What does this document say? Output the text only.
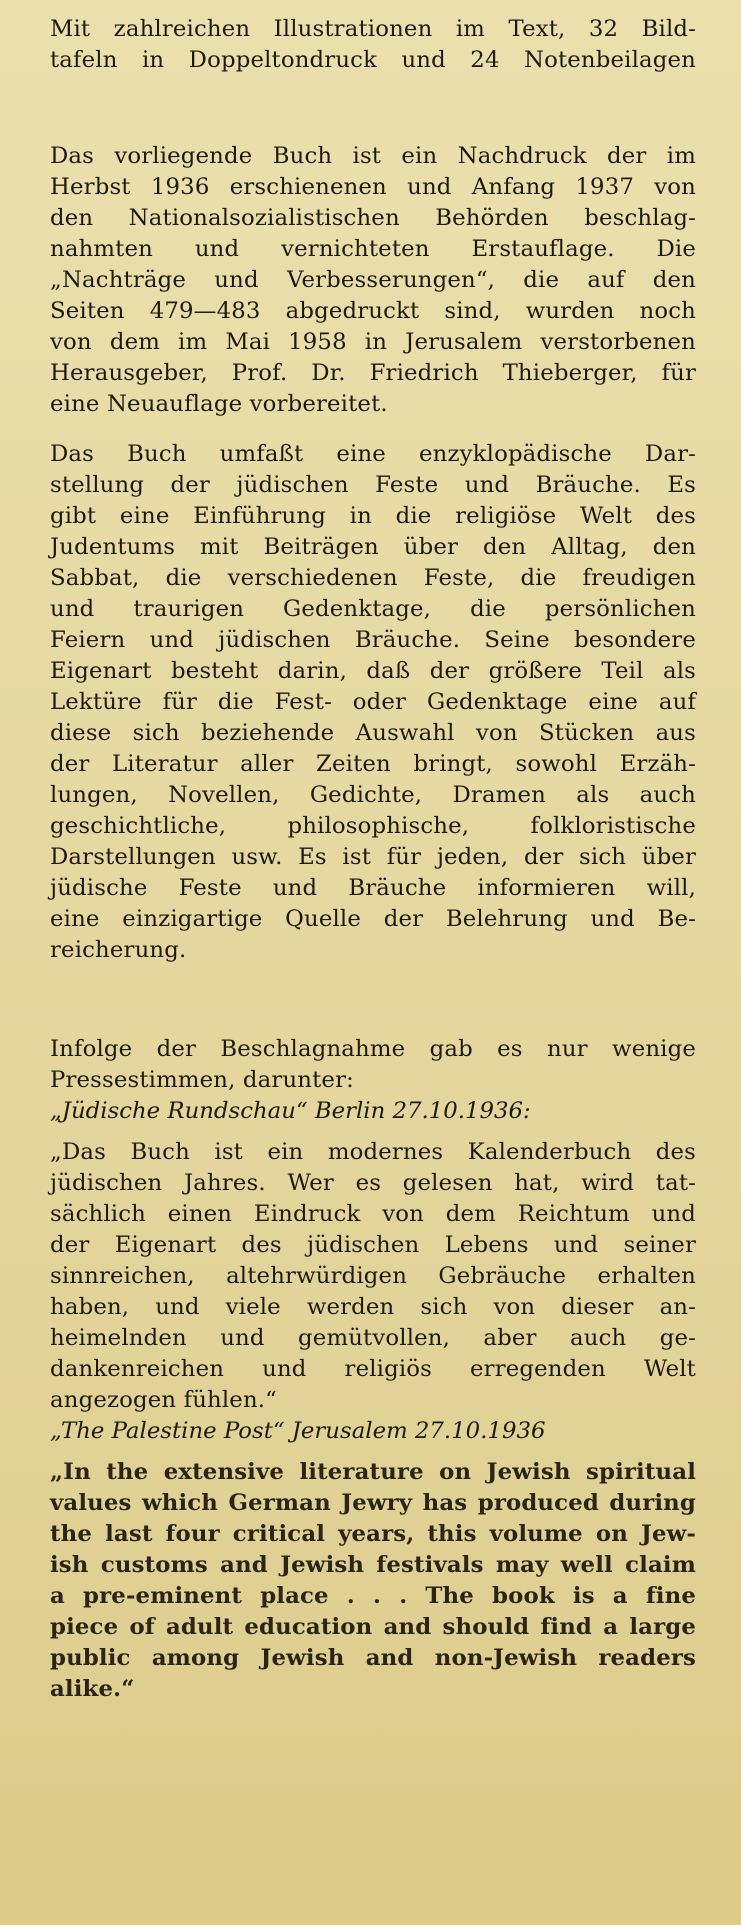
Mit zahlreichen Illustrationen im Text, 32 Bild-
tafeln in Doppeltondruck und 24 Notenbeilagen

Das vorliegende Buch ist ein Nachdruck der im
Herbst 1936 erschienenen und Anfang 1937 von
den Nationalsozialistischen Behörden beschlag-
nahmten und vernichteten Erstauflage. Die
„Nachträge und Verbesserungen“, die auf den
Seiten 479—483 abgedruckt sind, wurden noch
von dem im Mai 1958 in Jerusalem verstorbenen
Herausgeber, Prof. Dr. Friedrich Thieberger, für
eine Neuauflage vorbereitet.

Das Buch umfaßt eine enzyklopädische Dar-
stellung der jüdischen Feste und Bräuche. Es
gibt eine Einführung in die religiöse Welt des
Judentums mit Beiträgen über den Alltag, den
Sabbat, die verschiedenen Feste, die freudigen
und traurigen Gedenktage, die persönlichen
Feiern und jüdischen Bräuche. Seine besondere
Eigenart besteht darin, daß der größere Teil als
Lektüre für die Fest- oder Gedenktage eine auf
diese sich beziehende Auswahl von Stücken aus
der Literatur aller Zeiten bringt, sowohl Erzäh-
lungen, Novellen, Gedichte, Dramen als auch
geschichtliche, philosophische, folkloristische
Darstellungen usw. Es ist für jeden, der sich über
jüdische Feste und Bräuche informieren will,
eine einzigartige Quelle der Belehrung und Be-
reicherung.

Infolge der Beschlagnahme gab es nur wenige
Pressestimmen, darunter:

„Jüdische Rundschau“ Berlin 27.10.1936:

„Das Buch ist ein modernes Kalenderbuch des
jüdischen Jahres. Wer es gelesen hat, wird tat-
sächlich einen Eindruck von dem Reichtum und
der Eigenart des jüdischen Lebens und seiner
sinnreichen, altehrwürdigen Gebräuche erhalten
haben, und viele werden sich von dieser an-
heimelnden und gemütvollen, aber auch ge-
dankenreichen und religiös erregenden Welt
angezogen fühlen.“

„The Palestine Post“ Jerusalem 27.10.1936

„In the extensive literature on Jewish spiritual
values which German Jewry has produced during
the last four critical years, this volume on Jew-
ish customs and Jewish festivals may well claim
a pre-eminent place . . . The book is a fine
piece of adult education and should find a large
public among Jewish and non-Jewish readers
alike.“
